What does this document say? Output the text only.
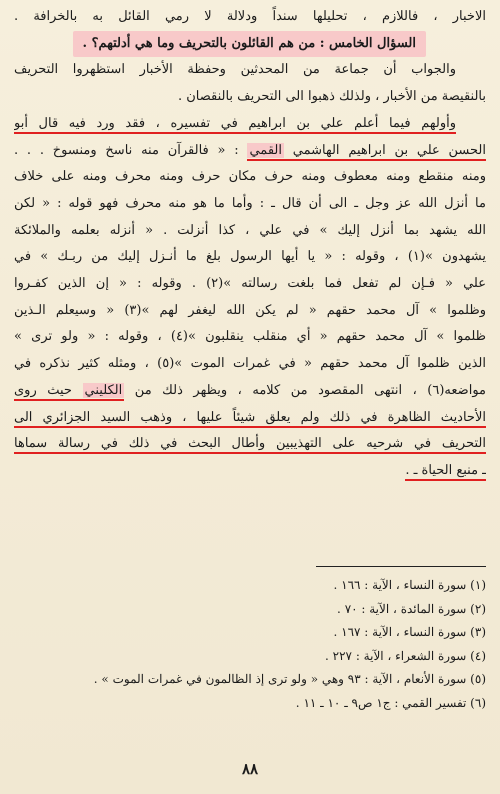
الاخبار ، فاللازم ، تحليلها سنداً ودلالة لا رمي القائل به بالخرافة .
السؤال الخامس : من هم القائلون بالتحريف وما هي أدلتهم؟ .
والجواب أن جماعة من المحدثين وحفظة الأخبار استظهروا التحريف
بالنقيصة من الأخبار ، ولذلك ذهبوا الى التحريف بالنقصان .
وأولهم فيما أعلم علي بن ابراهيم في تفسيره ، فقد ورد فيه قال أبو
الحسن علي بن ابراهيم الهاشمي القمي : « فالقرآن منه ناسخ ومنسوخ . . .
ومنه منقطع ومنه معطوف ومنه حرف مكان حرف ومنه محرف ومنه على خلاف
ما أنزل الله عز وجل ـ الى أن قال ـ : وأما ما هو منه محرف فهو قوله : « لكن
الله يشهد بما أنزل إليك » في علي ، كذا أنزلت . « أنزله بعلمه والملائكة
يشهدون »(١) ، وقوله : « يا أيها الرسول بلغ ما أنـزل إليك من ربـك » في
علي « فـإن لم تفعل فما بلغت رسالته »(٢) . وقوله : « إن الذين كفـروا
وظلموا » آل محمد حقهم « لم يكن الله ليغفر لهم »(٣) « وسيعلم الـذين
ظلموا » آل محمد حقهم « أي منقلب ينقلبون »(٤) ، وقوله : « ولو ترى »
الذين ظلموا آل محمد حقهم « في غمرات الموت »(٥) ، ومثله كثير نذكره في
مواضعه(٦) ، انتهى المقصود من كلامه ، ويظهر ذلك من الكليني حيث روى
الأحاديث الظاهرة في ذلك ولم يعلق شيئاً عليها ، وذهب السيد الجزائري الى
التحريف في شرحيه على التهذيبين وأطال البحث في ذلك في رسالة سماها
ـ منبع الحياة ـ .
(١) سورة النساء ، الآية : ١٦٦ .
(٢) سورة المائدة ، الآية : ٧٠ .
(٣) سورة النساء ، الآية : ١٦٧ .
(٤) سورة الشعراء ، الآية : ٢٢٧ .
(٥) سورة الأنعام ، الآية : ٩٣ وهي « ولو ترى إذ الظالمون في غمرات الموت » .
(٦) تفسير القمي : ج١ ص٩ ـ ١٠ ـ ١١ .
٨٨
